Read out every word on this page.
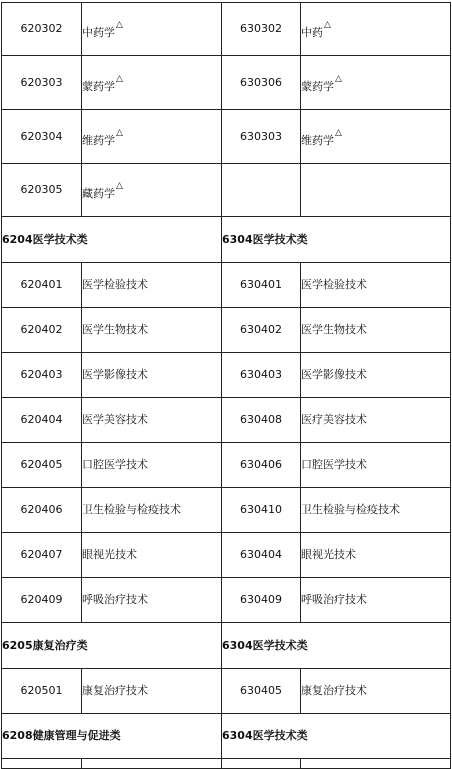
620302	中药学△	630302	中药△
620303	蒙药学△	630306	蒙药学△
620304	维药学△	630303	维药学△
620305	藏药学△		
6204医学技术类		6304医学技术类	
620401	医学检验技术	630401	医学检验技术
620402	医学生物技术	630402	医学生物技术
620403	医学影像技术	630403	医学影像技术
620404	医学美容技术	630408	医疗美容技术
620405	口腔医学技术	630406	口腔医学技术
620406	卫生检验与检疫技术	630410	卫生检验与检疫技术
620407	眼视光技术	630404	眼视光技术
620409	呼吸治疗技术	630409	呼吸治疗技术
6205康复治疗类		6304医学技术类	
620501	康复治疗技术	630405	康复治疗技术
6208健康管理与促进类		6304医学技术类	
